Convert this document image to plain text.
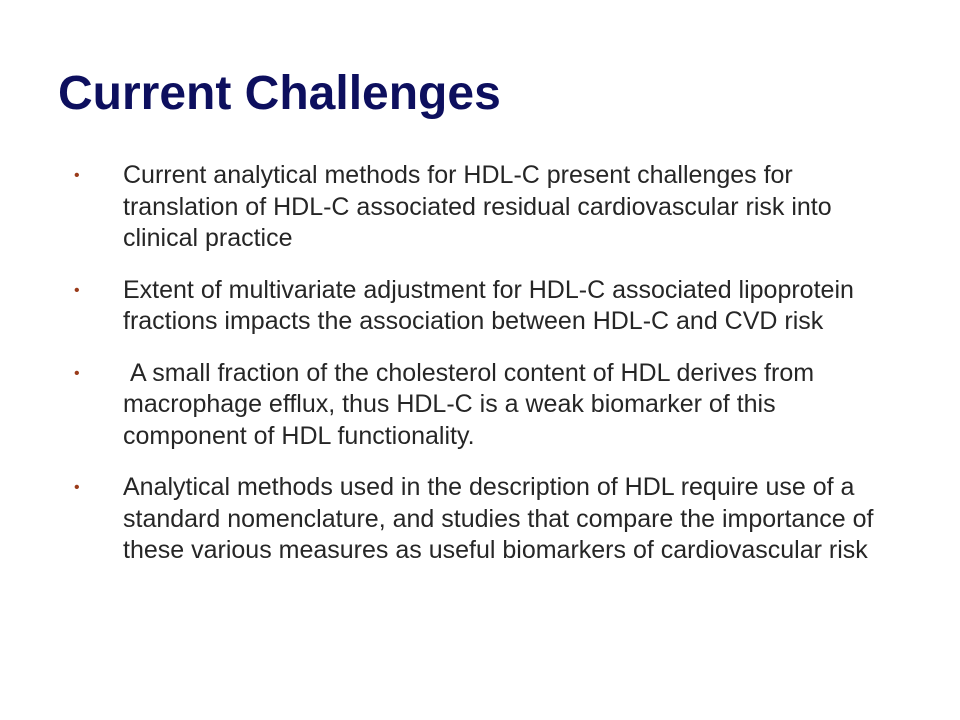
Current Challenges
• Current analytical methods for HDL-C present challenges for translation of HDL-C associated residual cardiovascular risk into clinical practice
• Extent of multivariate adjustment for HDL-C associated lipoprotein fractions impacts the association between HDL-C and CVD risk
• A small fraction of the cholesterol content of HDL derives from macrophage efflux, thus HDL-C is a weak biomarker of this component of HDL functionality.
• Analytical methods used in the description of HDL require use of a standard nomenclature, and studies that compare the importance of these various measures as useful biomarkers of cardiovascular risk
